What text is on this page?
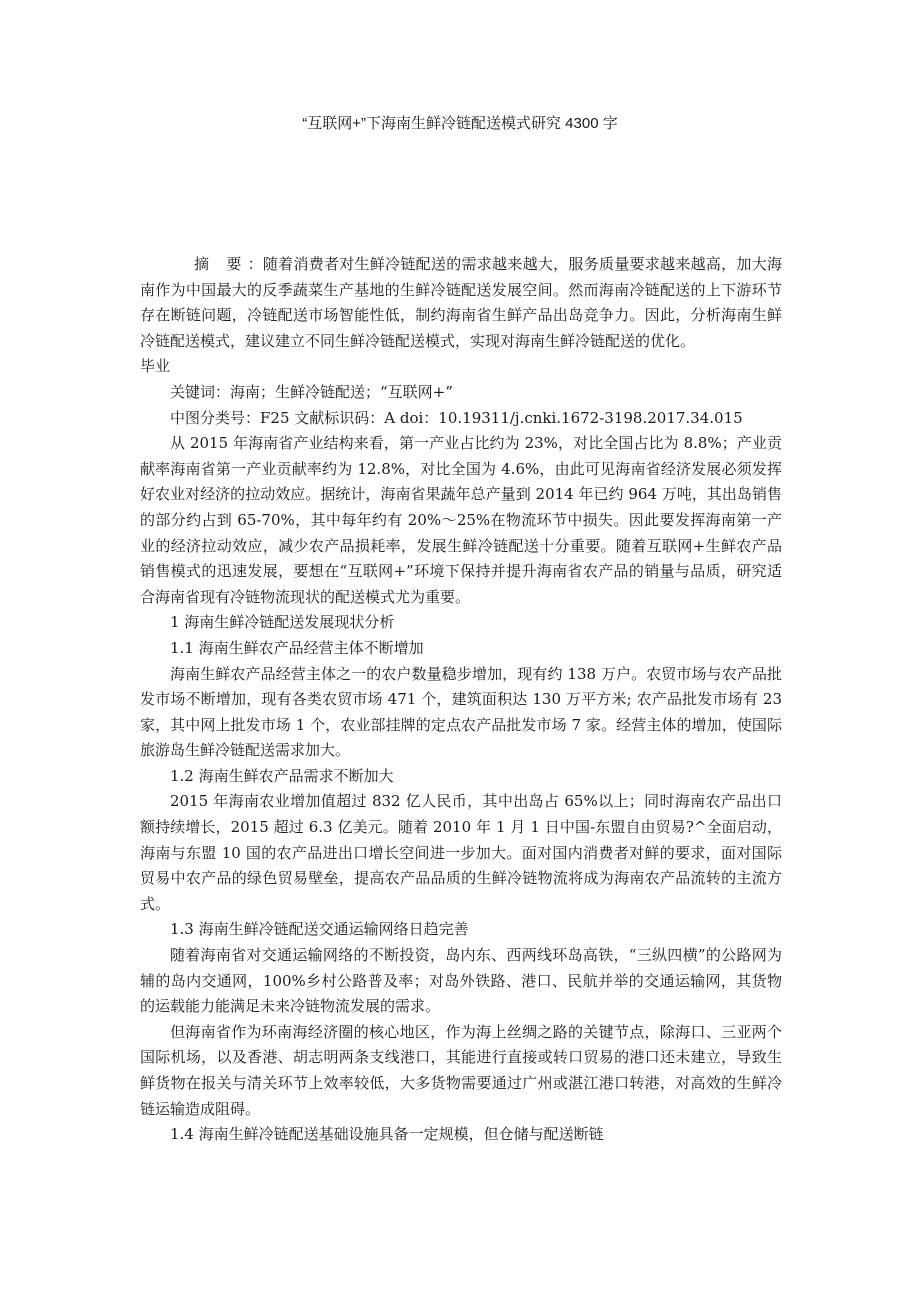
“互联网+”下海南生鲜冷链配送模式研究 4300 字

摘 要：随着消费者对生鲜冷链配送的需求越来越大，服务质量要求越来越高，加大海南作为中国最大的反季蔬菜生产基地的生鲜冷链配送发展空间。然而海南冷链配送的上下游环节存在断链问题，冷链配送市场智能性低，制约海南省生鲜产品出岛竞争力。因此，分析海南生鲜冷链配送模式，建议建立不同生鲜冷链配送模式，实现对海南生鲜冷链配送的优化。

毕业

关键词：海南；生鲜冷链配送；“互联网+”

中图分类号：F25 文献标识码：A doi：10.19311/j.cnki.1672-3198.2017.34.015

从 2015 年海南省产业结构来看，第一产业占比约为 23%，对比全国占比为 8.8%；产业贡献率海南省第一产业贡献率约为 12.8%，对比全国为 4.6%，由此可见海南省经济发展必须发挥好农业对经济的拉动效应。据统计，海南省果蔬年总产量到 2014 年已约 964 万吨，其出岛销售的部分约占到 65-70%，其中每年约有 20%～25%在物流环节中损失。因此要发挥海南第一产业的经济拉动效应，减少农产品损耗率，发展生鲜冷链配送十分重要。随着互联网+生鲜农产品销售模式的迅速发展，要想在“互联网+”环境下保持并提升海南省农产品的销量与品质，研究适合海南省现有冷链物流现状的配送模式尤为重要。

1 海南生鲜冷链配送发展现状分析

1.1 海南生鲜农产品经营主体不断增加

海南生鲜农产品经营主体之一的农户数量稳步增加，现有约 138 万户。农贸市场与农产品批发市场不断增加，现有各类农贸市场 471 个，建筑面积达 130 万平方米; 农产品批发市场有 23 家，其中网上批发市场 1 个，农业部挂牌的定点农产品批发市场 7 家。经营主体的增加，使国际旅游岛生鲜冷链配送需求加大。

1.2 海南生鲜农产品需求不断加大

2015 年海南农业增加值超过 832 亿人民币，其中出岛占 65%以上；同时海南农产品出口额持续增长，2015 超过 6.3 亿美元。随着 2010 年 1 月 1 日中国-东盟自由贸易?^全面启动，海南与东盟 10 国的农产品进出口增长空间进一步加大。面对国内消费者对鲜的要求，面对国际贸易中农产品的绿色贸易壁垒，提高农产品品质的生鲜冷链物流将成为海南农产品流转的主流方式。

1.3 海南生鲜冷链配送交通运输网络日趋完善

随着海南省对交通运输网络的不断投资，岛内东、西两线环岛高铁，“三纵四横”的公路网为辅的岛内交通网，100%乡村公路普及率；对岛外铁路、港口、民航并举的交通运输网，其货物的运载能力能满足未来冷链物流发展的需求。

但海南省作为环南海经济圈的核心地区，作为海上丝绸之路的关键节点，除海口、三亚两个国际机场，以及香港、胡志明两条支线港口，其能进行直接或转口贸易的港口还未建立，导致生鲜货物在报关与清关环节上效率较低，大多货物需要通过广州或湛江港口转港，对高效的生鲜冷链运输造成阻碍。

1.4 海南生鲜冷链配送基础设施具备一定规模，但仓储与配送断链
